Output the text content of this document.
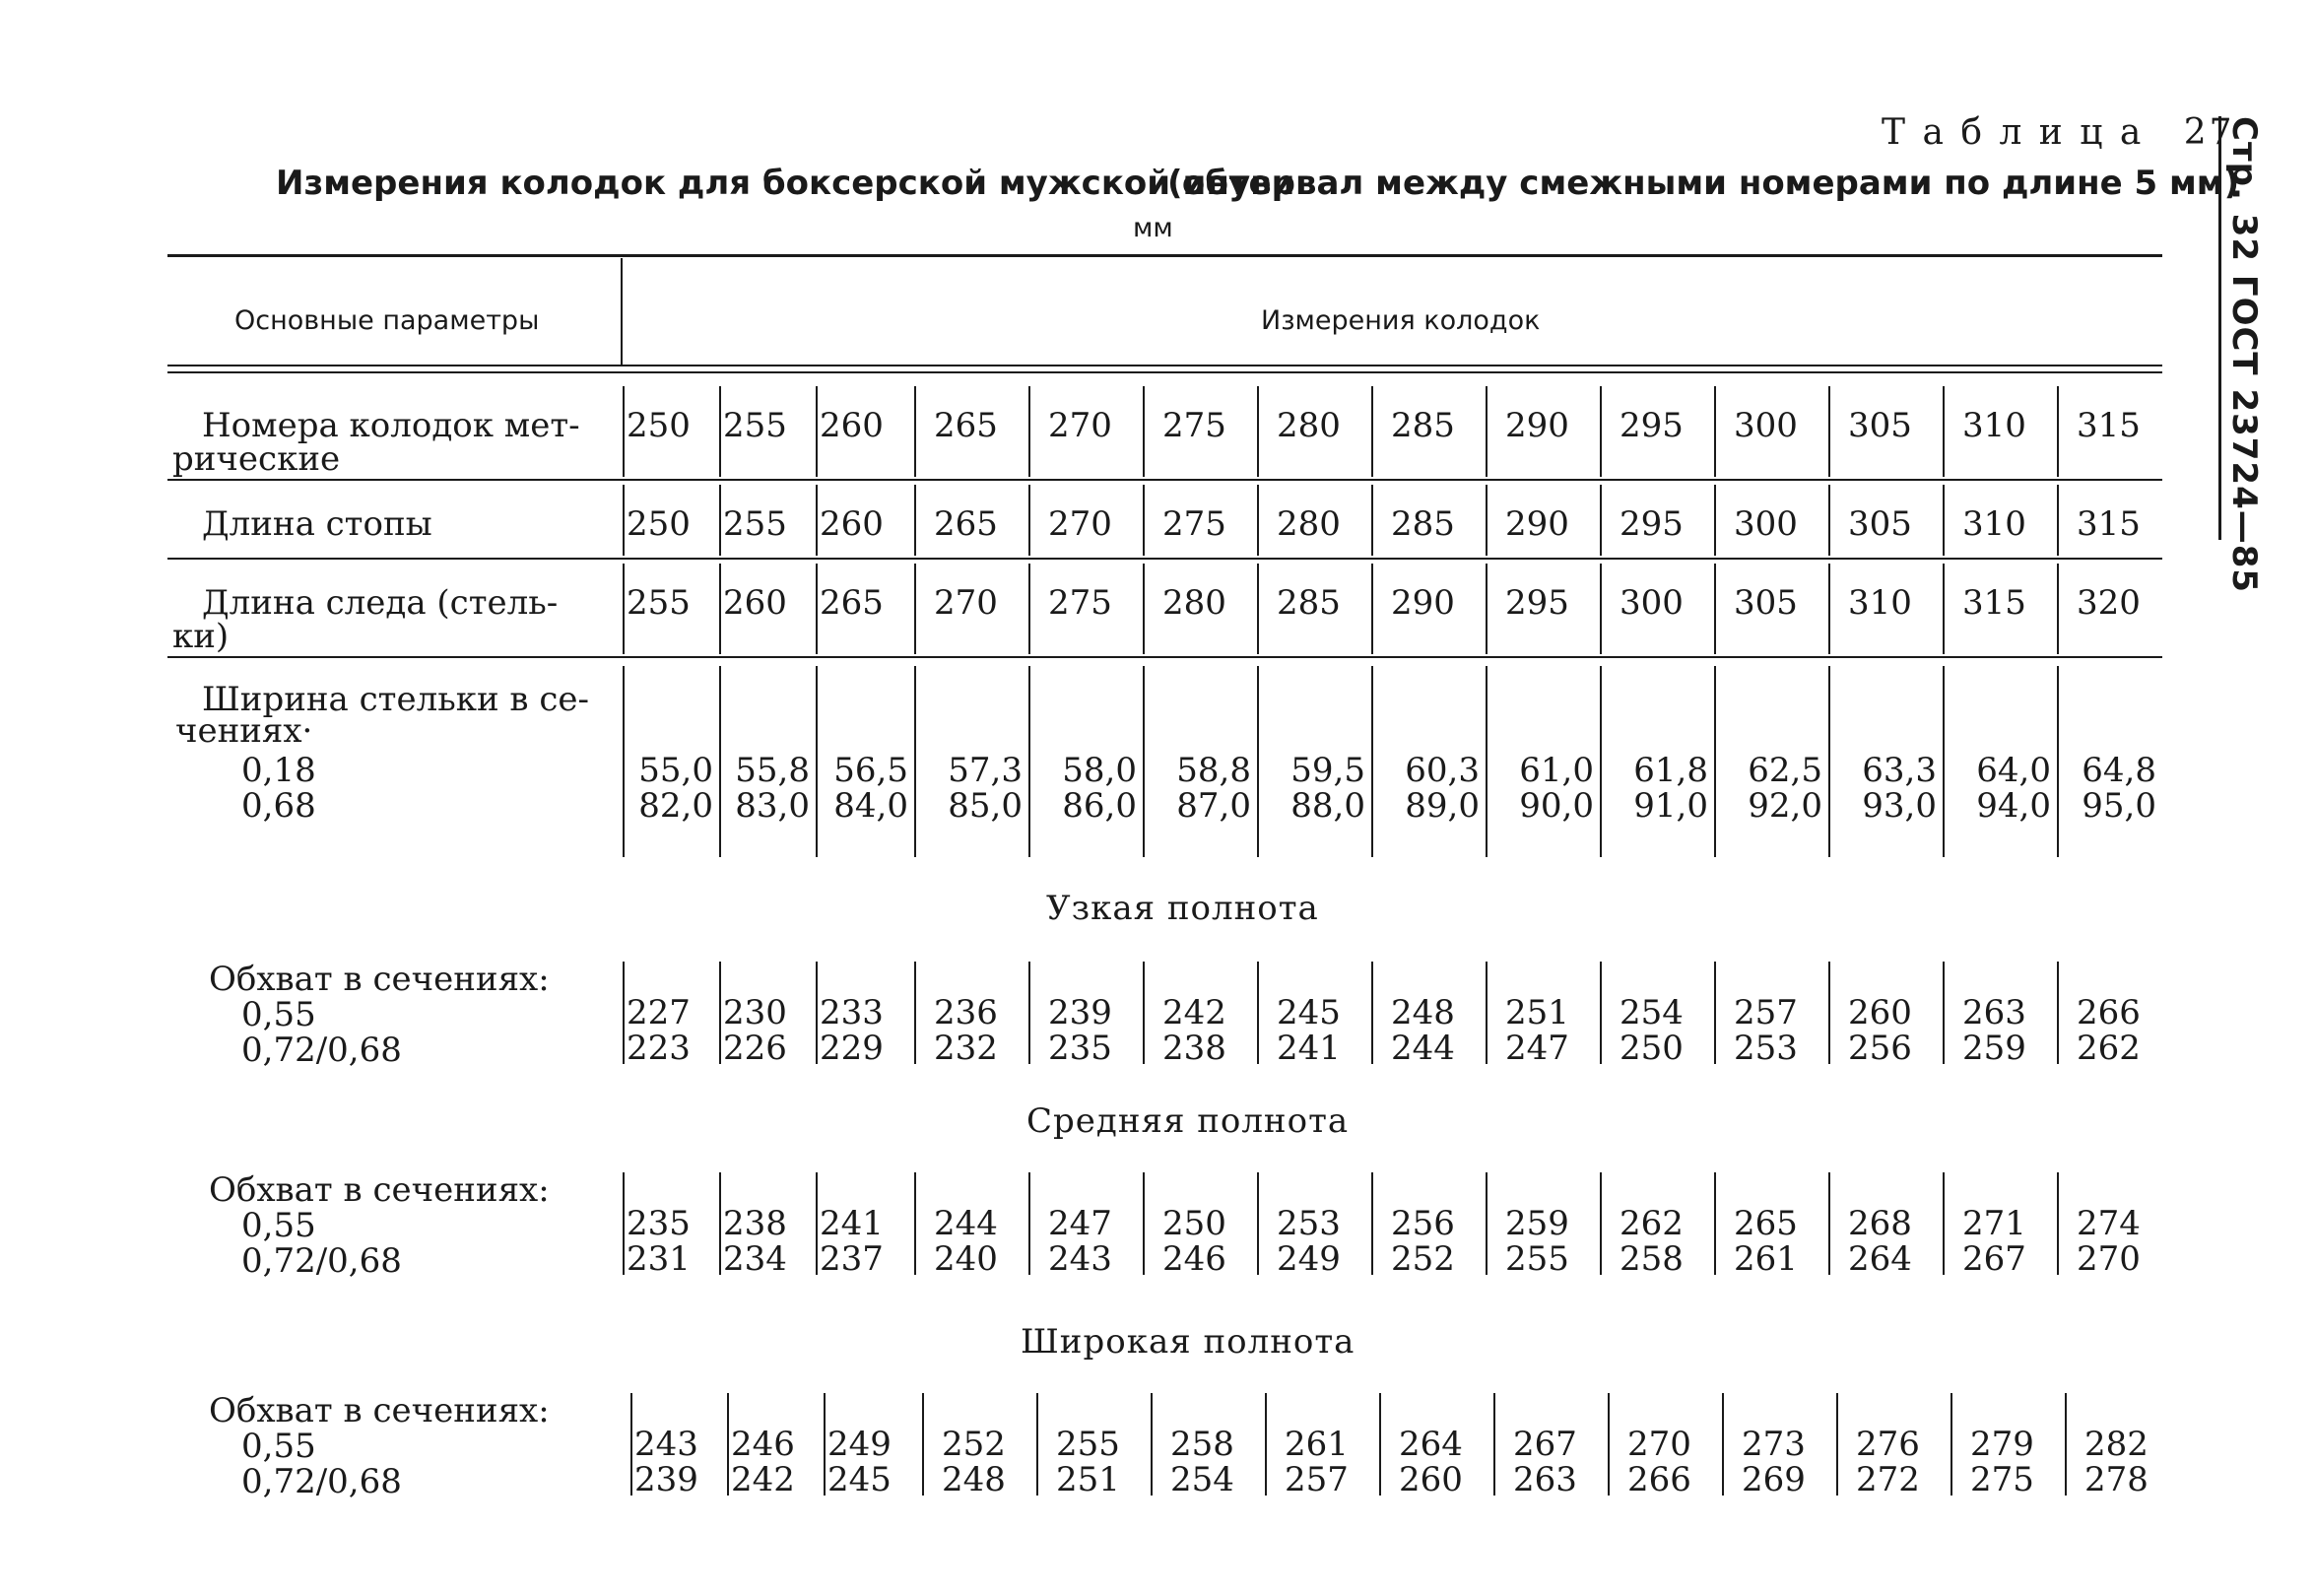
Стр. 32 ГОСТ 23724—85
Т а б л и ц а 27
Измерения колодок для боксерской мужской обуви
(интервал между смежными номерами по длине 5 мм)
мм
Основные параметры	Измерения колодок
Номера колодок мет-
рические
250 255 260 265 270 275 280 285 290 295 300 305 310 315
Длина стопы	250 255 260 265 270 275 280 285 290 295 300 305 310 315
Длина следа (стель-
ки)
255 260 265 270 275 280 285 290 295 300 305 310 315 320
Ширина стельки в се-
чениях·
0,18
0,68
55,0 55,8 56,5 57,3 58,0 58,8 59,5 60,3 61,0 61,8 62,5 63,3 64,0 64,8
82,0 83,0 84,0 85,0 86,0 87,0 88,0 89,0 90,0 91,0 92,0 93,0 94,0 95,0
Узкая полнота
Обхват в сечениях:
0,55
0,72/0,68
227 230 233 236 239 242 245 248 251 254 257 260 263 266
223 226 229 232 235 238 241 244 247 250 253 256 259 262
Средняя полнота
Обхват в сечениях:
0,55
0,72/0,68
235 238 241 244 247 250 253 256 259 262 265 268 271 274
231 234 237 240 243 246 249 252 255 258 261 264 267 270
Широкая полнота
Обхват в сечениях:
0,55
0,72/0,68
243 246 249 252 255 258 261 264 267 270 273 276 279 282
239 242 245 248 251 254 257 260 263 266 269 272 275 278
